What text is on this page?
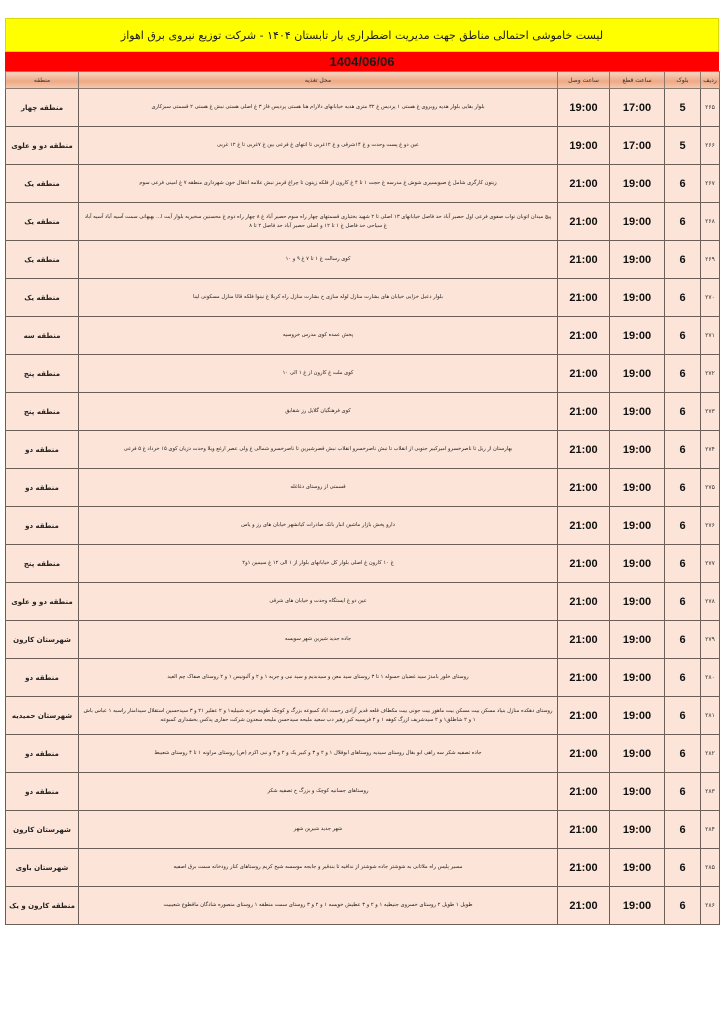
لیست خاموشی احتمالی مناطق جهت مدیریت اضطراری بار تابستان ۱۴۰۴ - شرکت توزیع نیروی برق اهواز
1404/06/06
ردیف	بلوک	ساعت قطع	ساعت وصل	محل تغذیه	منطقه
۲۶۵	5	17:00	19:00	بلوار بقایی بلوار هدیه روبروی غ هستی ۱ پردیس غ ۳۲ متری هدیه خیابانهای دلارام هنا هستی پردیس فاز ۳ غ اصلی هستی نبش غ هستی ۲ قسمتی سبزکاری	منطقه چهار
۲۶۶	5	17:00	19:00	عین دو غ پست وحدت و غ ۱۴شرقی و غ ۱۲غربی تا انتهای غ فرعی بین غ ۷غربی تا غ ۱۲ غربی	منطقه دو و علوی
۲۶۷	6	19:00	21:00	زیتون کارگری شامل غ صیوبسیری شوش غ مدرسه غ حجت ۱ تا ۴ غ کارون از فلکه زیتون تا چراغ قرمز نبش علامه انتقال خون شهرداری منطقه ۷ غ امینی فرعی سوم	منطقه یک
۲۶۸	6	19:00	21:00	پیچ میدان اتوبان نواب صفوی فرعی اول حصیر آباد حد فاصل خیابانهای ۱۳ اصلی تا ۲ شهید بختیاری قسمتهای چهار راه سوم حصیر آباد غ ۸ چهار راه دوم غ محسنین سخیریه بلوار آیت ا... بهبهانی سمت آسیه آباد آسیه آباد غ سیاحی حد فاصل غ ۱ تا ۱۲ و اصلی حصیر آباد حد فاصل ۲ تا ۸	منطقه یک
۲۶۹	6	19:00	21:00	کوی رسالت غ ۱ تا ۷ غ ۹ و ۱۰	منطقه یک
۲۷۰	6	19:00	21:00	بلوار دعبل خزایی خیابان های بشارت منازل لوله سازی خ بشارت منازل راه کربلا غ نینوا فلکه قائا منازل مسکونی لینا	منطقه یک
۲۷۱	6	19:00	21:00	پخش عمده کوی مدرس خروسیه	منطقه سه
۲۷۲	6	19:00	21:00	کوی ملت غ کارون از غ ۱ الی ۱۰	منطقه پنج
۲۷۳	6	19:00	21:00	کوی فرهنگیان گلایل رز شقایق	منطقه پنج
۲۷۴	6	19:00	21:00	بهارستان از ریل تا ناصرخسرو امیرکبیر جنوبی از انقلاب تا نبش ناصرخسرو انقلاب نبش قصرشیرین تا ناصرخسرو شمالی غ ولی عصر ارغع ویلا وحدت دزیان کوی ۱۵ خرداد غ ۵ فرعی	منطقه دو
۲۷۵	6	19:00	21:00	قسمتی از روستای دغاغله	منطقه دو
۲۷۶	6	19:00	21:00	دارو پخش بازار ماشین انبار بانک صادرات کیانشهر خیابان های رز و یاس	منطقه دو
۲۷۷	6	19:00	21:00	غ ۱۰ کارون غ اصلی بلوار کل خیابانهای بلوار از ۱ الی ۱۲ غ سیمین ۱و۲	منطقه پنج
۲۷۸	6	19:00	21:00	عین دو غ ایستگاه وحدت و خیابان های شرقی	منطقه دو و علوی
۲۷۹	6	19:00	21:00	جاده جدید شیرین شهر سویسه	شهرستان کارون
۲۸۰	6	19:00	21:00	روستای خلور بامدژ سید غضبان حسوله ۱ تا ۳ روستای سید معن و سیدبدیم و سید نبی و جریه ۱ و ۲ و آلبونیس ۱ و ۲ روستای صفاک چم العید	منطقه دو
۲۸۱	6	19:00	21:00	روستای دهکده منازل بنیاد مسکن بیت مسکن بیت ماهور بیت جونی بیت مکطاف قلعه قدیر آزادی رحمت اباد کمبوعه بزرگ و کوچک طویبه حزنه شبیلیه۱ و ۲ عفلیر ۲۱ و ۳ سیدحسین استقلال سیدامنار راسبه ۱ عباس باش ۱ و ۲ شاطلق۱ و ۲ سیدشریف ازرگ کوهه ۱ و ۲ فریسیه کبر زهیر دب سعید ملیحه سیدحسن ملیحه سعدون شرکت حفاری پدکس بخشداری کمبوعه	شهرستان حمیدیه
۲۸۲	6	19:00	21:00	جاده تصفیه شکر سه راهی ابو بقال روستای سیدیه روستاهای ابوفلال ۱ و ۲ و ۳ و کبیر یک و ۲ و ۳ و نبی اکرم (ص) روستای مراونه ۱ تا ۴ روستای شعیبط	منطقه دو
۲۸۳	6	19:00	21:00	روستاهای جسانیه کوچک و بزرگ خ تصفیه شکر	منطقه دو
۲۸۴	6	19:00	21:00	شهر جدید شیرین شهر	شهرستان کارون
۲۸۵	6	19:00	21:00	مسیر پلیس راه ملاثانی به شوشتر جاده شوشتر از ندافیه تا بندقیر و جابجه موسسه شیخ کریم روستاهای کنار رودخانه سمت برق اصفیه	شهرستان باوی
۲۸۶	6	19:00	21:00	طویل ۱ طویل ۲ روستای خسروی جنیطیه ۱ و ۲ و ۳ عطیش خویسه ۱ و ۲ و ۳ روستای سمت منطقه ۱ روستای منصوره شادگان ماقطوع شعیبیت	منطقه کارون و یک
